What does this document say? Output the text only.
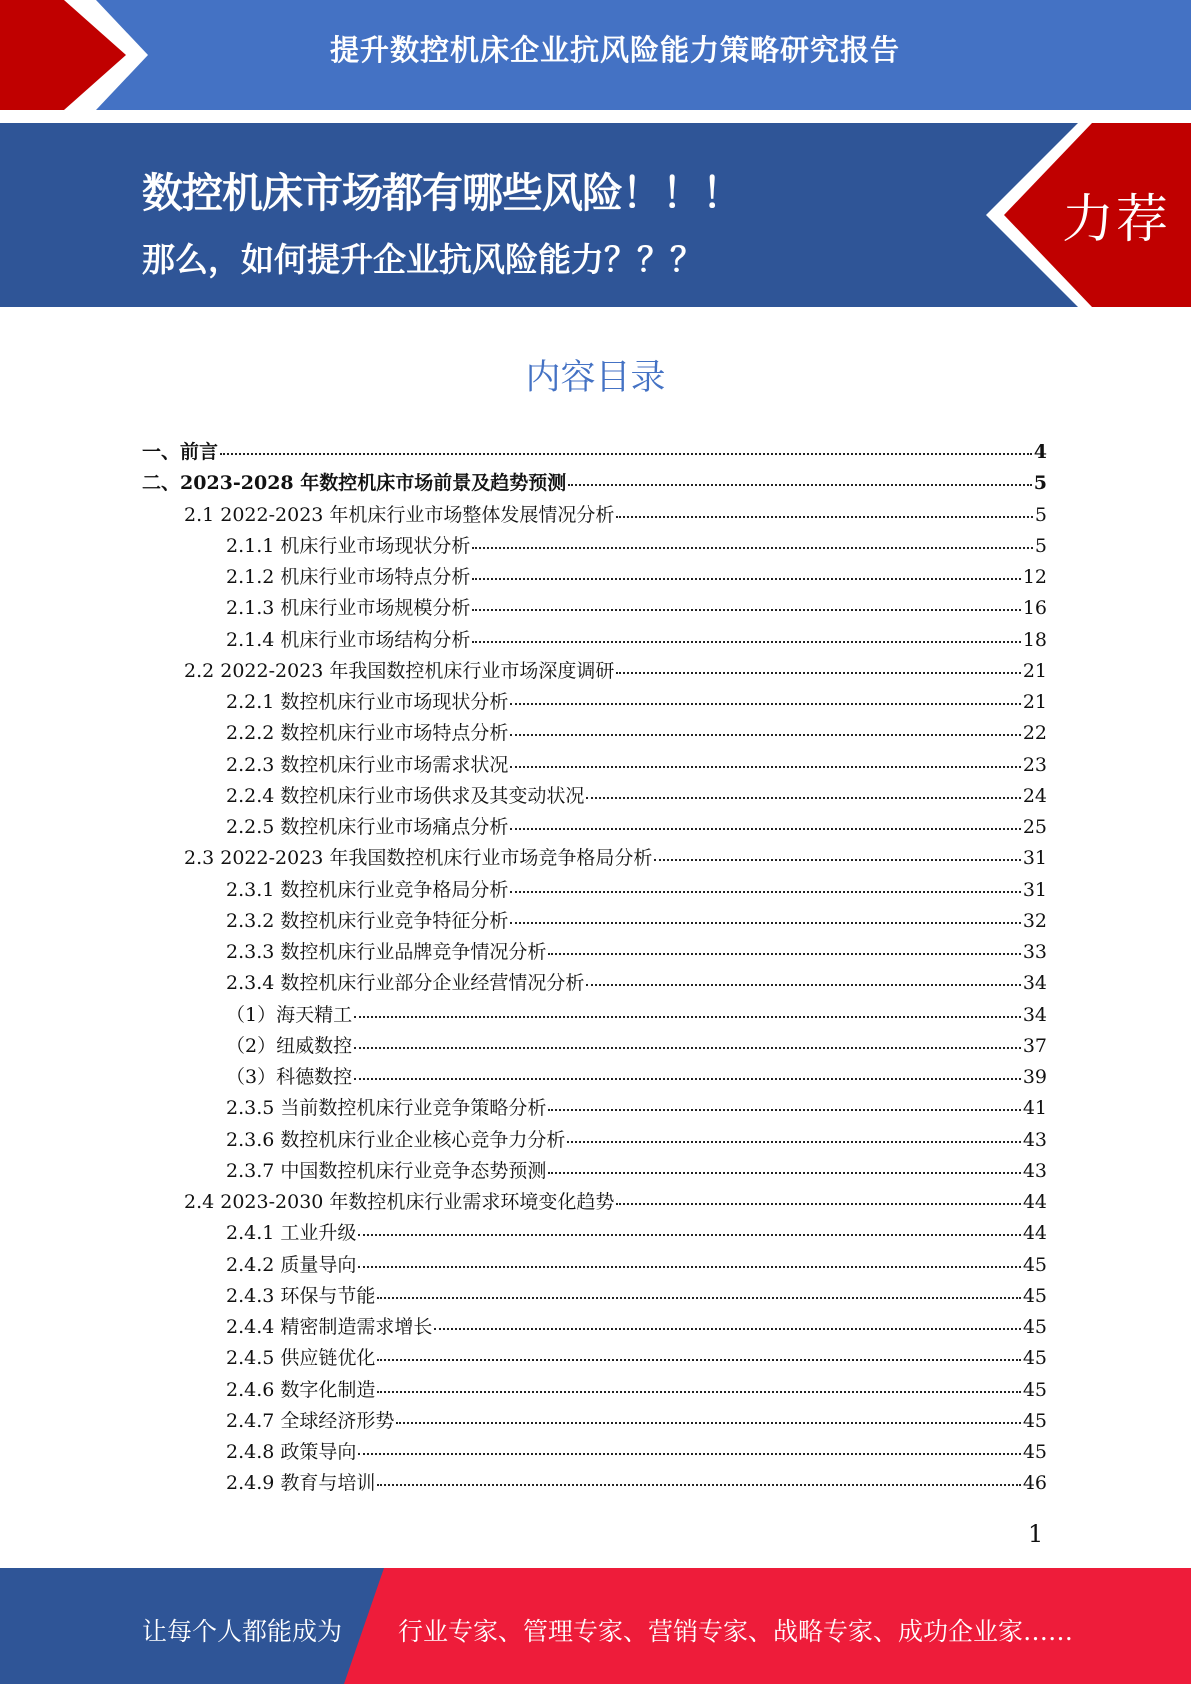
提升数控机床企业抗风险能力策略研究报告
数控机床市场都有哪些风险！！！
那么，如何提升企业抗风险能力？？？
力荐
内容目录
一、前言	4
二、2023-2028 年数控机床市场前景及趋势预测	5
2.1 2022-2023 年机床行业市场整体发展情况分析	5
2.1.1 机床行业市场现状分析	5
2.1.2 机床行业市场特点分析	12
2.1.3 机床行业市场规模分析	16
2.1.4 机床行业市场结构分析	18
2.2 2022-2023 年我国数控机床行业市场深度调研	21
2.2.1 数控机床行业市场现状分析	21
2.2.2 数控机床行业市场特点分析	22
2.2.3 数控机床行业市场需求状况	23
2.2.4 数控机床行业市场供求及其变动状况	24
2.2.5 数控机床行业市场痛点分析	25
2.3 2022-2023 年我国数控机床行业市场竞争格局分析	31
2.3.1 数控机床行业竞争格局分析	31
2.3.2 数控机床行业竞争特征分析	32
2.3.3 数控机床行业品牌竞争情况分析	33
2.3.4 数控机床行业部分企业经营情况分析	34
（1）海天精工	34
（2）纽威数控	37
（3）科德数控	39
2.3.5 当前数控机床行业竞争策略分析	41
2.3.6 数控机床行业企业核心竞争力分析	43
2.3.7 中国数控机床行业竞争态势预测	43
2.4 2023-2030 年数控机床行业需求环境变化趋势	44
2.4.1 工业升级	44
2.4.2 质量导向	45
2.4.3 环保与节能	45
2.4.4 精密制造需求增长	45
2.4.5 供应链优化	45
2.4.6 数字化制造	45
2.4.7 全球经济形势	45
2.4.8 政策导向	45
2.4.9 教育与培训	46
1
让每个人都能成为 行业专家、管理专家、营销专家、战略专家、成功企业家……
